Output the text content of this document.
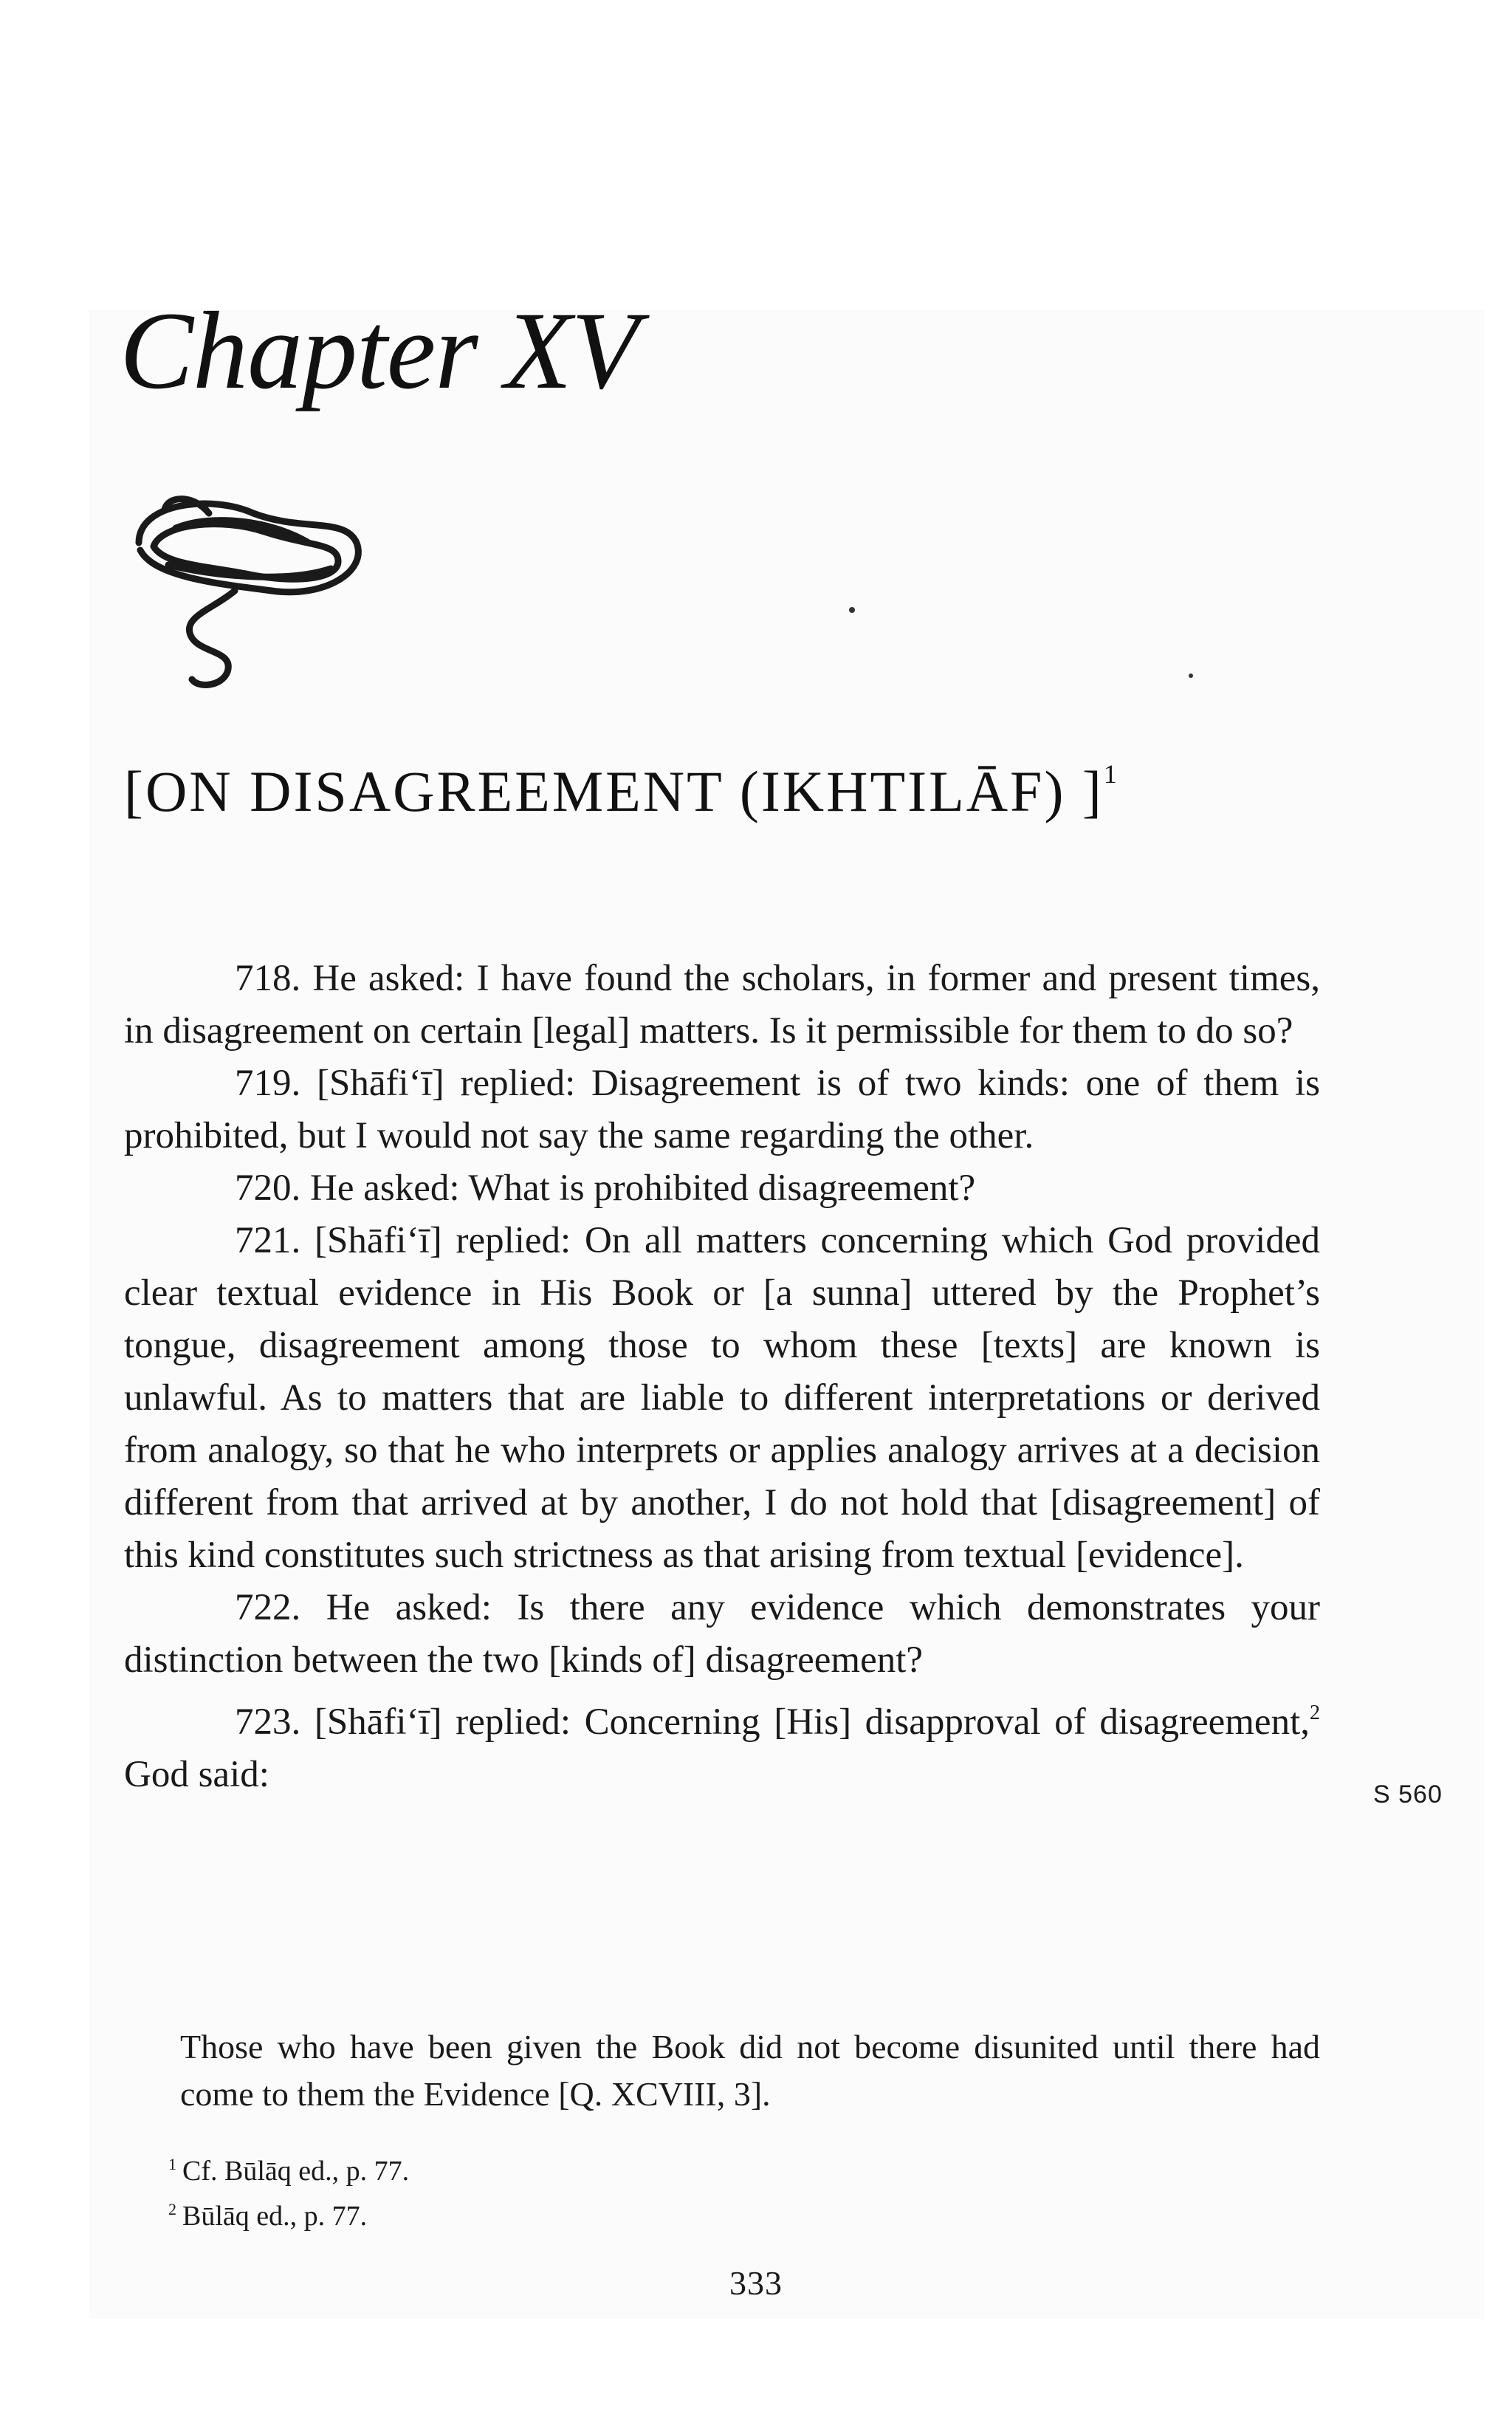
Chapter XV
[ON DISAGREEMENT (IKHTILĀF) ]$^1$

718. He asked: I have found the scholars, in former and present times, in disagreement on certain [legal] matters. Is it permissible for them to do so?

719. [Shāfi‘ī] replied: Disagreement is of two kinds: one of them is prohibited, but I would not say the same regarding the other.

720. He asked: What is prohibited disagreement?

721. [Shāfi‘ī] replied: On all matters concerning which God provided clear textual evidence in His Book or [a sunna] uttered by the Prophet’s tongue, disagreement among those to whom these [texts] are known is unlawful. As to matters that are liable to different interpretations or derived from analogy, so that he who interprets or applies analogy arrives at a decision different from that arrived at by another, I do not hold that [disagreement] of this kind constitutes such strictness as that arising from textual [evidence].

722. He asked: Is there any evidence which demonstrates your distinction between the two [kinds of] disagreement?

723. [Shāfi‘ī] replied: Concerning [His] disapproval of disagreement,$^2$ God said:

Those who have been given the Book did not become disunited until there had come to them the Evidence [Q. XCVIII, 3].

$^1$ Cf. Būlāq ed., p. 77.

$^2$ Būlāq ed., p. 77.

333

S 560
